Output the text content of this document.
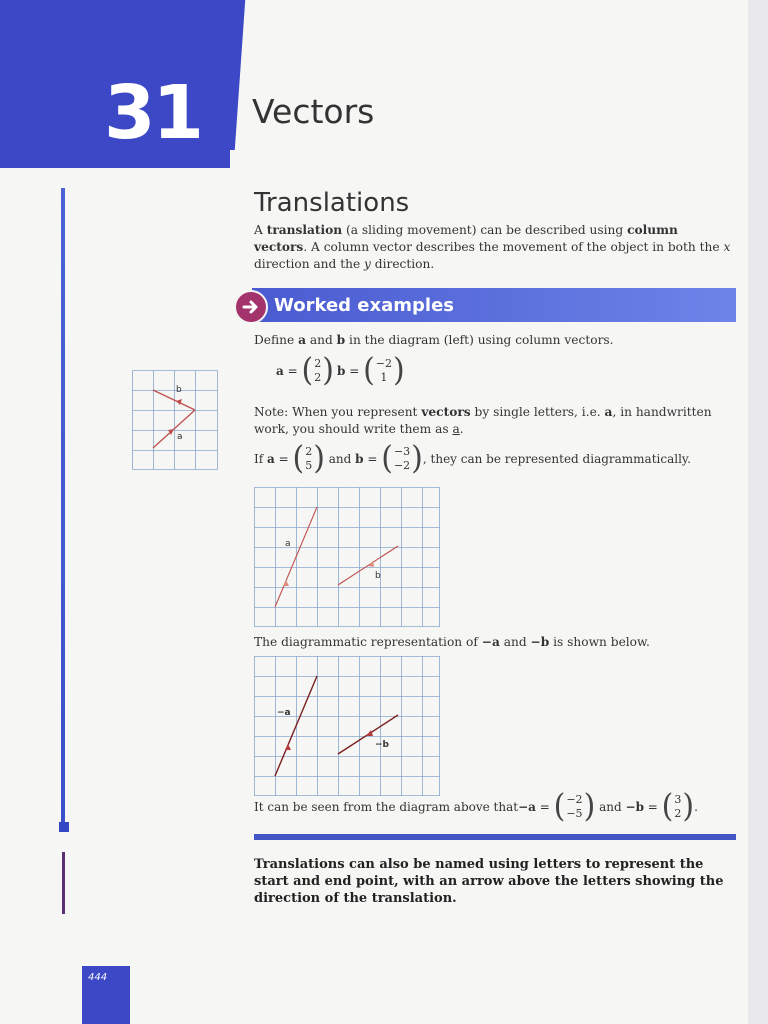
31 Vectors
Translations

A translation (a sliding movement) can be described using column vectors. A column vector describes the movement of the object in both the x direction and the y direction.

Worked examples

Define a and b in the diagram (left) using column vectors.

a = ( 2
2 ) b = ( −2
1 )
b
a

Note: When you represent vectors by single letters, i.e. a, in handwritten work, you should write them as a.

If
a = ( 2
5 )
and
b = ( −3
−2 ) , they can be represented diagrammatically.
a
b

The diagrammatic representation of −a and −b is shown below.

−a
−b
It can be seen from the diagram above that −a = ( −2
−5 )
and
−b = ( 3
2 ) .

Translations can also be named using letters to represent the start and end point, with an arrow above the letters showing the direction of the translation.

444
